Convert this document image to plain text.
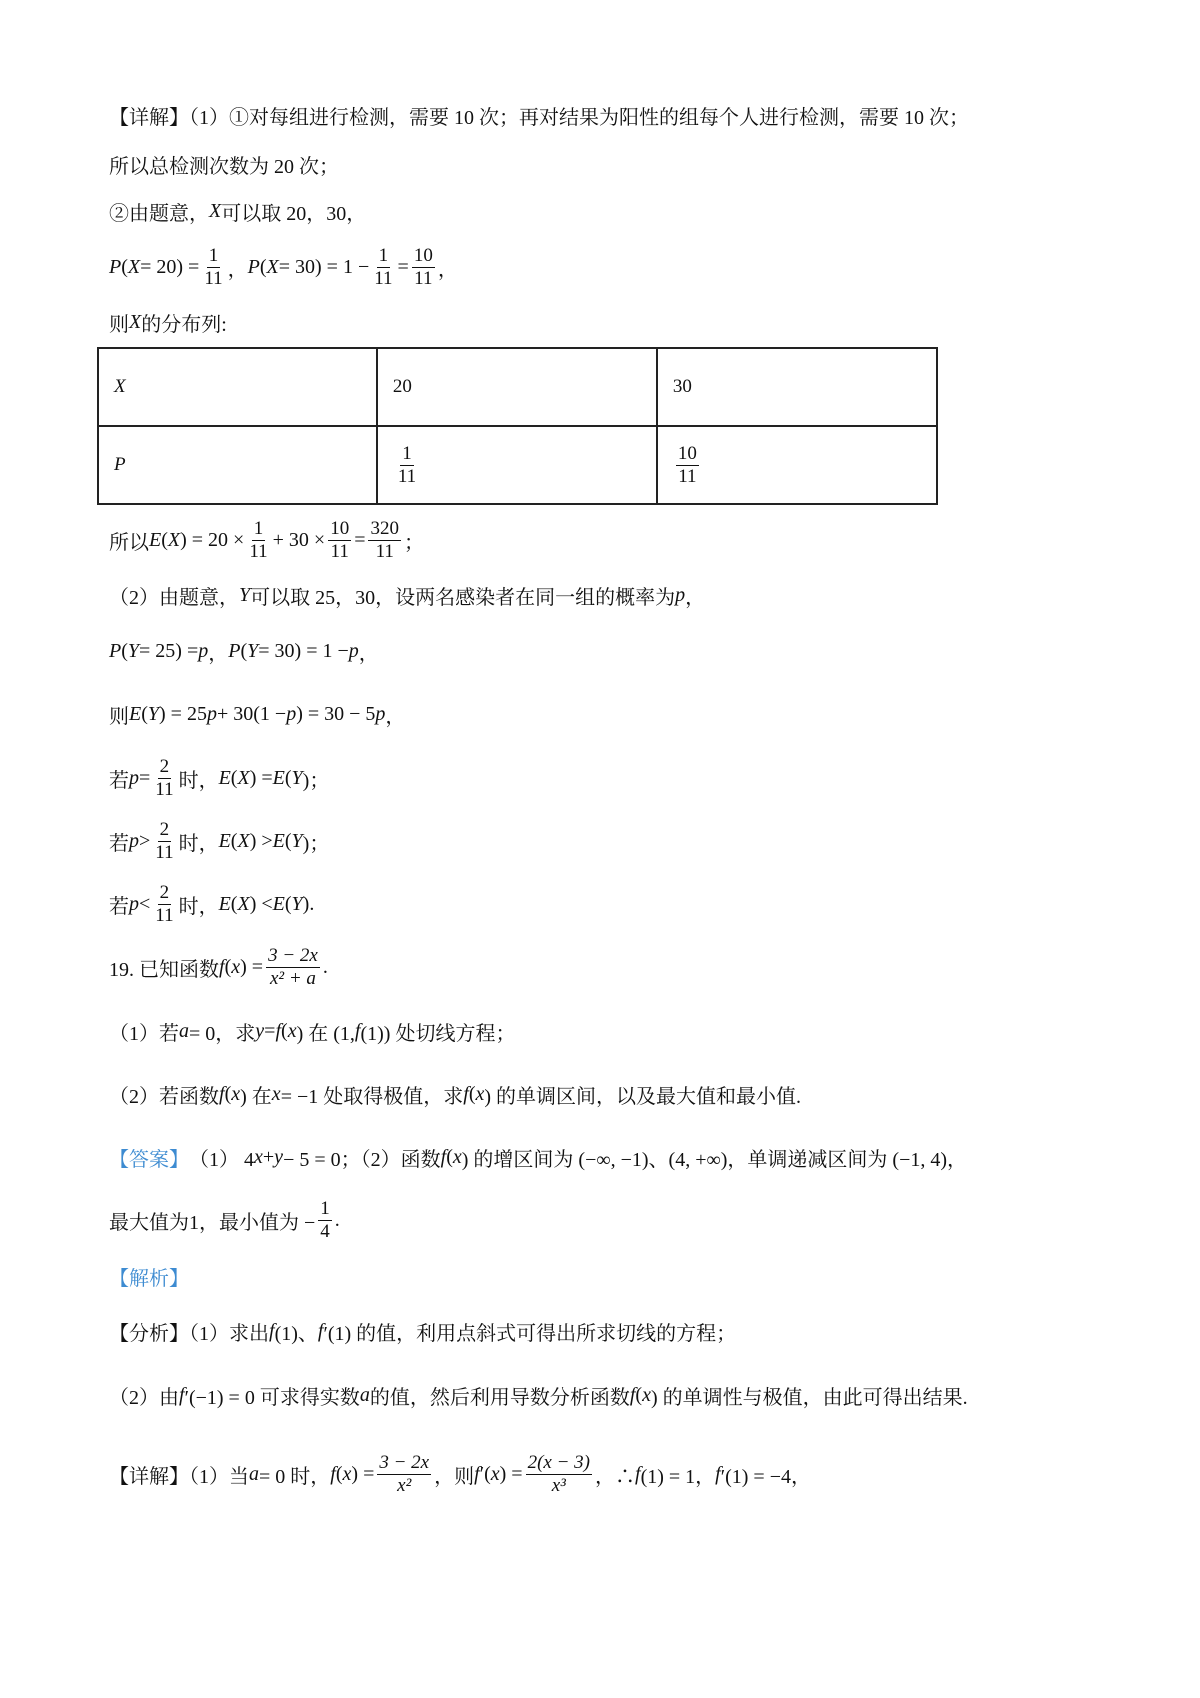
【详解】（1）①对每组进行检测，需要 10 次；再对结果为阳性的组每个人进行检测，需要 10 次；
所以总检测次数为 20 次；
②由题意， X 可以取 20，30，
P ( $X = 20) = \frac{1}{11}$ ， P ( $X = 30) = 1 - \frac{1}{11} = \frac{10}{11}$ ，
则 X 的分布列:
所以 E ( X ) = $20 \times \frac{1}{11} + 30 \times \frac{10}{11} = \frac{320}{11}$ ；
（2）由题意， Y 可以取 25，30，设两名感染者在同一组的概率为 p ，
P ( Y = 25) = p ， P ( Y = 30) = 1 − p ，
则 E ( Y ) = 25 p + 30(1 − p ) = 30 − 5 p ，
若 $p = \frac{2}{11}$ 时， E ( X ) = E ( Y )；
若 $p > \frac{2}{11}$ 时， E ( X ) > E ( Y )；
若 $p < \frac{2}{11}$ 时， E ( X ) < E ( Y ).
19. 已知函数 f ( x ) = $\frac{3 - 2x}{\text{x² + a}}$ .
（1）若 a = 0，求 y = f ( x ) 在 (1, f (1)) 处切线方程；
（2）若函数 f ( x ) 在 x = −1 处取得极值，求 f ( x ) 的单调区间，以及最大值和最小值.
【答案】 （1） 4 x + y − 5 = 0；（2）函数 f ( x ) 的增区间为 (−∞, −1)、(4, +∞)，单调递减区间为 (−1, 4)，
最大值为1，最小值为 − $\frac{1}{4}$ .
【解析】
【分析】（1）求出 f (1)、 f ′(1) 的值，利用点斜式可得出所求切线的方程；
（2）由 f ′(−1) = 0 可求得实数 a 的值，然后利用导数分析函数 f ( x ) 的单调性与极值，由此可得出结果.
【详解】（1）当 a = 0 时， f ( x ) = $\frac{3 - 2x}{\text{x²}}$ ，则 f ′( x ) = $\frac{2(x - 3)}{\text{x³}}$ ，∴ f (1) = 1， f ′(1) = −4，
X	20	30
P	$\frac{1}{11}$	$\frac{10}{11}$
